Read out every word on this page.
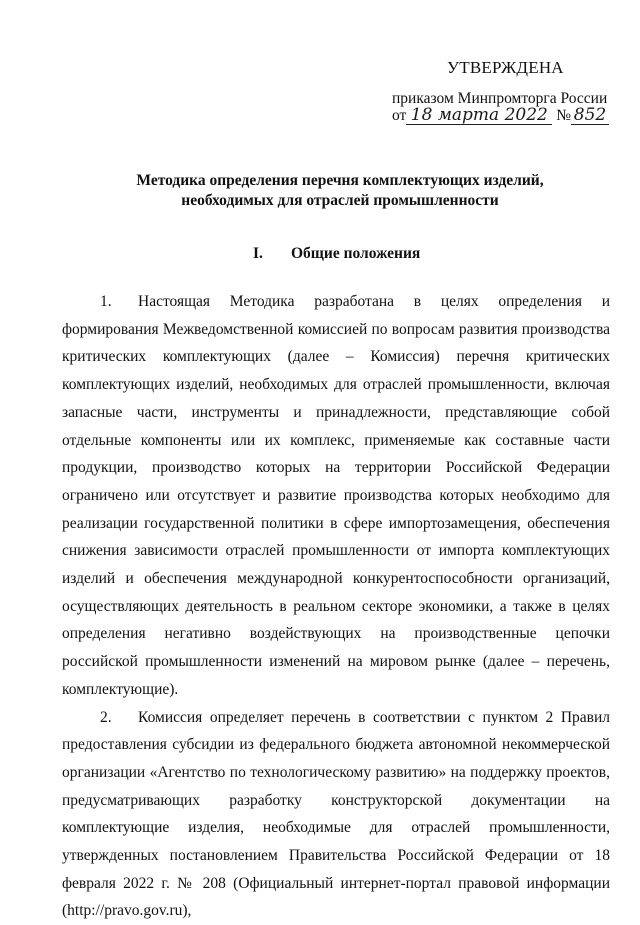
УТВЕРЖДЕНА
приказом Минпромторга России
от 18 марта 2022 № 852
Методика определения перечня комплектующих изделий,
необходимых для отраслей промышленности
I. Общие положения

1. Настоящая Методика разработана в целях определения и формирования Межведомственной комиссией по вопросам развития производства критических комплектующих (далее – Комиссия) перечня критических комплектующих изделий, необходимых для отраслей промышленности, включая запасные части, инструменты и принадлежности, представляющие собой отдельные компоненты или их комплекс, применяемые как составные части продукции, производство которых на территории Российской Федерации ограничено или отсутствует и развитие производства которых необходимо для реализации государственной политики в сфере импортозамещения, обеспечения снижения зависимости отраслей промышленности от импорта комплектующих изделий и обеспечения международной конкурентоспособности организаций, осуществляющих деятельность в реальном секторе экономики, а также в целях определения негативно воздействующих на производственные цепочки российской промышленности изменений на мировом рынке (далее – перечень, комплектующие).

2. Комиссия определяет перечень в соответствии с пунктом 2 Правил предоставления субсидии из федерального бюджета автономной некоммерческой организации «Агентство по технологическому развитию» на поддержку проектов, предусматривающих разработку конструкторской документации на комплектующие изделия, необходимые для отраслей промышленности, утвержденных постановлением Правительства Российской Федерации от 18 февраля 2022 г. № 208 (Официальный интернет-портал правовой информации (http://pravo.gov.ru),
